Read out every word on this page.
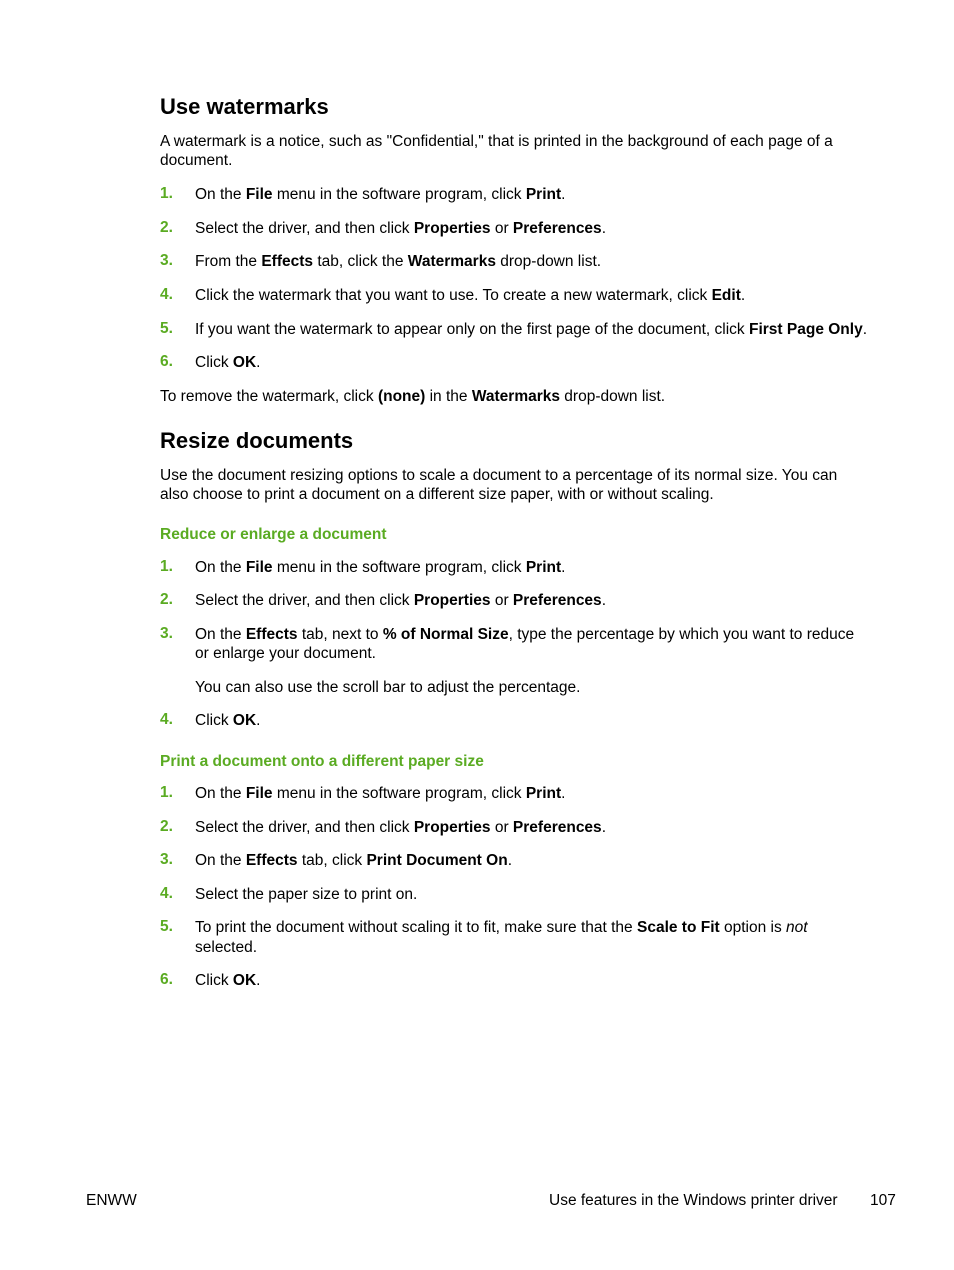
Use watermarks

A watermark is a notice, such as "Confidential," that is printed in the background of each page of a

document.

1. On the File menu in the software program, click Print.
2. Select the driver, and then click Properties or Preferences.
3. From the Effects tab, click the Watermarks drop-down list.
4. Click the watermark that you want to use. To create a new watermark, click Edit.
5. If you want the watermark to appear only on the first page of the document, click First Page Only.
6. Click OK.

To remove the watermark, click (none) in the Watermarks drop-down list.

Resize documents

Use the document resizing options to scale a document to a percentage of its normal size. You can

also choose to print a document on a different size paper, with or without scaling.

Reduce or enlarge a document
1. On the File menu in the software program, click Print.
2. Select the driver, and then click Properties or Preferences.
3. On the Effects tab, next to % of Normal Size, type the percentage by which you want to reduce
or enlarge your document.
You can also use the scroll bar to adjust the percentage.
4. Click OK.
Print a document onto a different paper size
1. On the File menu in the software program, click Print.
2. Select the driver, and then click Properties or Preferences.
3. On the Effects tab, click Print Document On.
4. Select the paper size to print on.
5. To print the document without scaling it to fit, make sure that the Scale to Fit option is not
selected.
6. Click OK.
ENWW	Use features in the Windows printer driver 107
